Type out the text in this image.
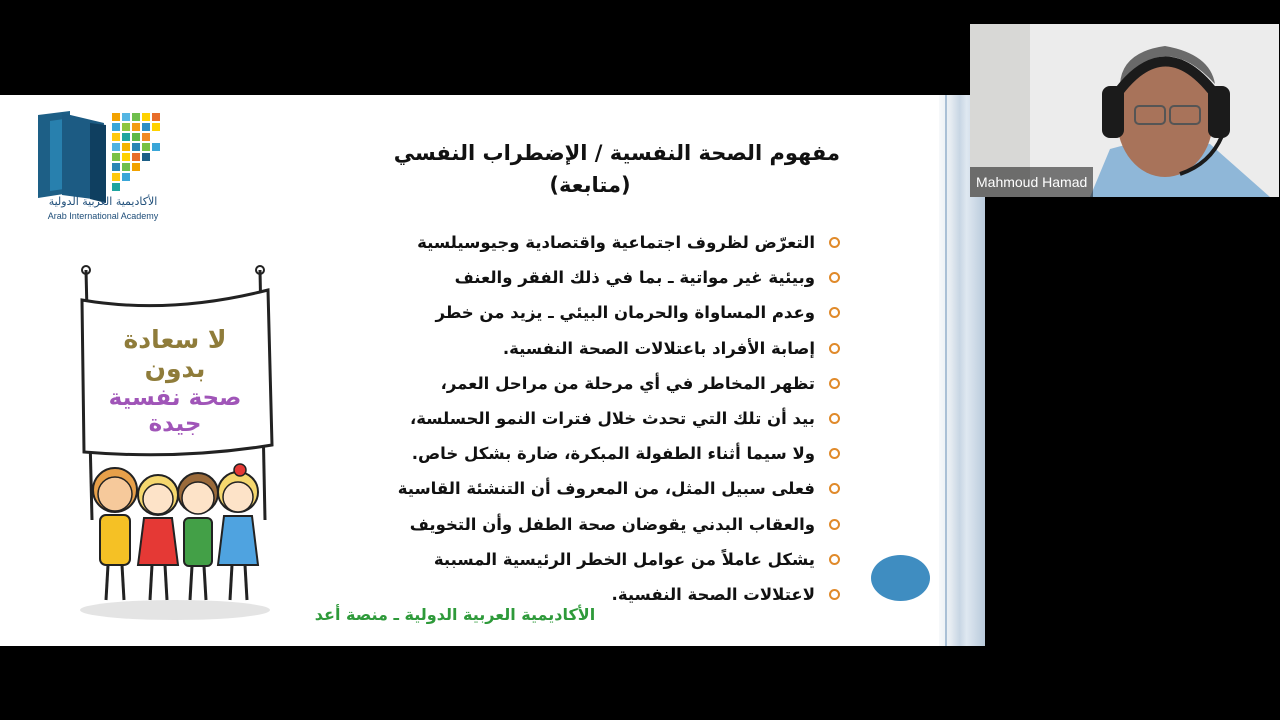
الأكاديمية العربية الدولية
Arab International Academy
مفهوم الصحة النفسية / الإضطراب النفسي
(متابعة)
التعرّض لظروف اجتماعية واقتصادية وجيوسيلسية
وبيئية غير مواتية ـ بما في ذلك الفقر والعنف
وعدم المساواة والحرمان البيئي ـ يزيد من خطر
إصابة الأفراد باعتلالات الصحة النفسية.
تظهر المخاطر في أي مرحلة من مراحل العمر،
بيد أن تلك التي تحدث خلال فترات النمو الحسلسة،
ولا سيما أثناء الطفولة المبكرة، ضارة بشكل خاص.
فعلى سبيل المثل، من المعروف أن التنشئة القاسية
والعقاب البدني يقوضان صحة الطفل وأن التخويف
يشكل عاملاً من عوامل الخطر الرئيسية المسببة
لاعتلالات الصحة النفسية.
لا سعادة بدون
صحة نفسية جيدة
الأكاديمية العربية الدولية ـ منصة أعد
Mahmoud Hamad
